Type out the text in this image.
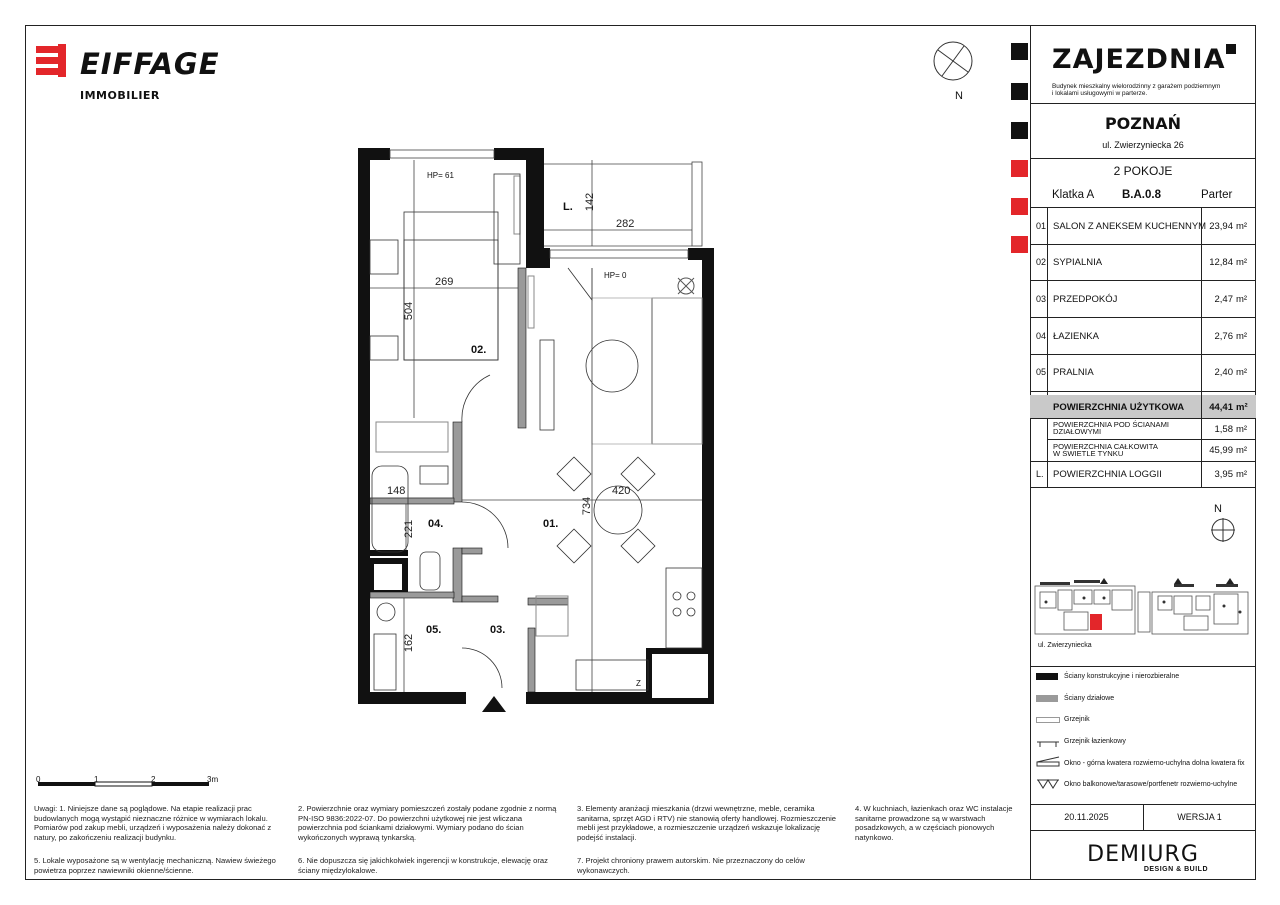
EIFFAGE
IMMOBILIER	N
ZAJEZDNIA
Budynek mieszkalny wielorodzinny z garażem podziemnym
i lokalami usługowymi w parterze.
POZNAŃ
ul. Zwierzyniecka 26
2 POKOJE
Klatka A B.A.0.8	Parter
01 SALON Z ANEKSEM KUCHENNYM 23,94 m²
02 SYPIALNIA	12,84 m²
03 PRZEDPOKÓJ	2,47 m²
04 ŁAZIENKA	2,76 m²
05 PRALNIA	2,40 m²
POWIERZCHNIA UŻYTKOWA	44,41 m²
POWIERZCHNIA POD ŚCIANAMI
DZIAŁOWYMI	1,58 m²
POWIERZCHNIA CAŁKOWITA
W ŚWIETLE TYNKU	45,99 m²
L. POWIERZCHNIA LOGGII	3,95 m²
N
ul. Zwierzyniecka
Ściany konstrukcyjne i nierozbieralne
Ściany działowe
Grzejnik
Grzejnik łazienkowy
Okno - górna kwatera rozwierno-uchylna dolna kwatera fix
Okno balkonowe/tarasowe/portfenetr rozwierno-uchylne
20.11.2025	WERSJA 1
DEMIURG
DESIGN & BUILD
02.
01.
04.
05.	03.
L.
282
142
269
504
420
734
148
221
162
HP= 61
HP= 0
Z
0	1	2	3m
Uwagi: 1. Niniejsze dane są poglądowe. Na etapie realizacji prac budowlanych mogą wystąpić nieznaczne różnice w wymiarach lokalu. Pomiarów pod zakup mebli, urządzeń i wyposażenia należy dokonać z natury, po zakończeniu realizacji budynku.
5. Lokale wyposażone są w wentylację mechaniczną. Nawiew świeżego powietrza poprzez nawiewniki okienne/ścienne.
2. Powierzchnie oraz wymiary pomieszczeń zostały podane zgodnie z normą PN-ISO 9836:2022-07. Do powierzchni użytkowej nie jest wliczana powierzchnia pod ściankami działowymi. Wymiary podano do ścian wykończonych wyprawą tynkarską.
6. Nie dopuszcza się jakichkolwiek ingerencji w konstrukcje, elewację oraz ściany międzylokalowe.
3. Elementy aranżacji mieszkania (drzwi wewnętrzne, meble, ceramika sanitarna, sprzęt AGD i RTV) nie stanowią oferty handlowej. Rozmieszczenie mebli jest przykładowe, a rozmieszczenie urządzeń wskazuje lokalizację podejść instalacji.
7. Projekt chroniony prawem autorskim. Nie przeznaczony do celów wykonawczych.
4. W kuchniach, łazienkach oraz WC instalacje sanitarne prowadzone są w warstwach posadzkowych, a w częściach pionowych natynkowo.
